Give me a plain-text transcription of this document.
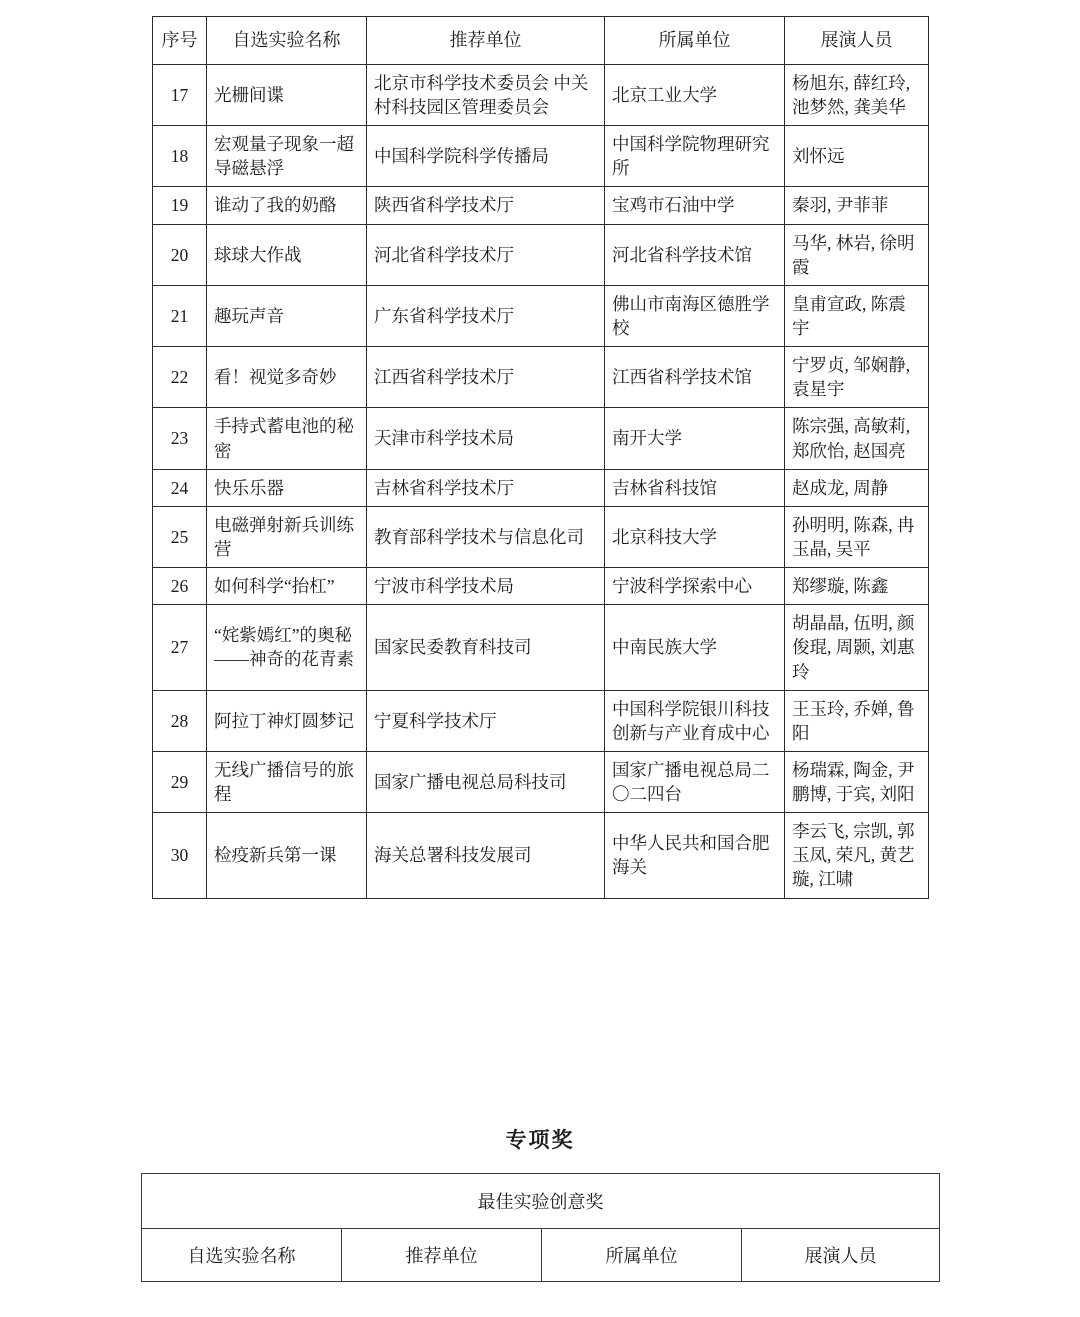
序号	自选实验名称	推荐单位	所属单位	展演人员
17	光栅间谍	北京市科学技术委员会 中关村科技园区管理委员会	北京工业大学	杨旭东, 薛红玲, 池梦然, 龚美华
18	宏观量子现象一超导磁悬浮	中国科学院科学传播局	中国科学院物理研究所	刘怀远
19	谁动了我的奶酪	陕西省科学技术厅	宝鸡市石油中学	秦羽, 尹菲菲
20	球球大作战	河北省科学技术厅	河北省科学技术馆	马华, 林岩, 徐明霞
21	趣玩声音	广东省科学技术厅	佛山市南海区德胜学校	皇甫宣政, 陈震宇
22	看！视觉多奇妙	江西省科学技术厅	江西省科学技术馆	宁罗贞, 邹娴静, 袁星宇
23	手持式蓄电池的秘密	天津市科学技术局	南开大学	陈宗强, 高敏莉, 郑欣怡, 赵国亮
24	快乐乐器	吉林省科学技术厅	吉林省科技馆	赵成龙, 周静
25	电磁弹射新兵训练营	教育部科学技术与信息化司	北京科技大学	孙明明, 陈森, 冉玉晶, 吴平
26	如何科学“抬杠”	宁波市科学技术局	宁波科学探索中心	郑缪璇, 陈鑫
27	“姹紫嫣红”的奥秘——神奇的花青素	国家民委教育科技司	中南民族大学	胡晶晶, 伍明, 颜俊琨, 周颢, 刘惠玲
28	阿拉丁神灯圆梦记	宁夏科学技术厅	中国科学院银川科技创新与产业育成中心	王玉玲, 乔婵, 鲁阳
29	无线广播信号的旅程	国家广播电视总局科技司	国家广播电视总局二〇二四台	杨瑞霖, 陶金, 尹鹏博, 于宾, 刘阳
30	检疫新兵第一课	海关总署科技发展司	中华人民共和国合肥海关	李云飞, 宗凯, 郭玉凤, 荣凡, 黄艺璇, 江啸
专项奖
最佳实验创意奖
自选实验名称	推荐单位	所属单位	展演人员
